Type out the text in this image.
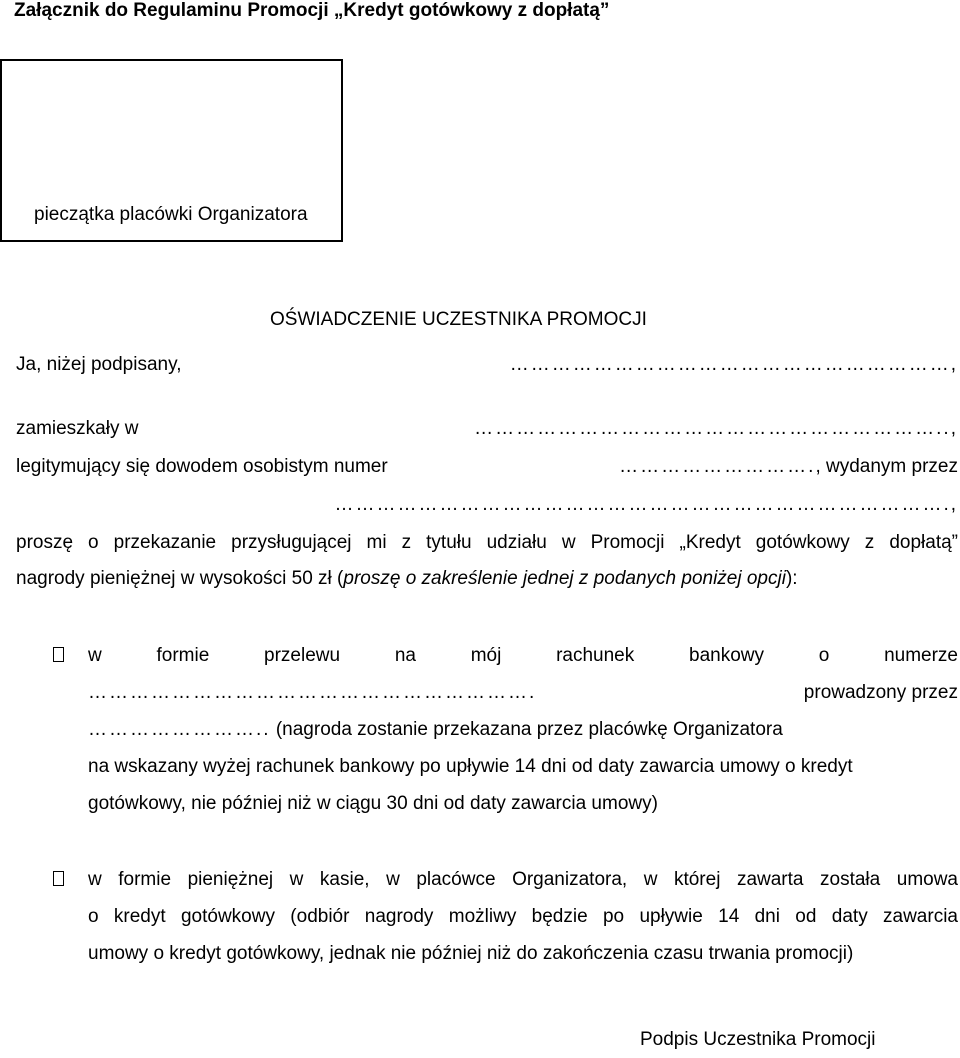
Załącznik do Regulaminu Promocji „Kredyt gotówkowy z dopłatą”
pieczątka placówki Organizatora
OŚWIADCZENIE UCZESTNIKA PROMOCJI
Ja, niżej podpisany,	………………………………………………………,
zamieszkały w	…………………………………………………………..,
legitymujący się dowodem osobistym numer	………………………. , wydanym przez
…………………………………………………………………………….,
proszę o przekazanie przysługującej mi z tytułu udziału w Promocji „Kredyt gotówkowy z dopłatą”
nagrody pieniężnej w wysokości 50 zł (proszę o zakreślenie jednej z podanych poniżej opcji):
w formie przelewu na mój rachunek bankowy o numerze
……………………………………………………….	prowadzony przez
…………………….. (nagroda zostanie przekazana przez placówkę Organizatora
na wskazany wyżej rachunek bankowy po upływie 14 dni od daty zawarcia umowy o kredyt
gotówkowy, nie później niż w ciągu 30 dni od daty zawarcia umowy)
w formie pieniężnej w kasie, w placówce Organizatora, w której zawarta została umowa
o kredyt gotówkowy (odbiór nagrody możliwy będzie po upływie 14 dni od daty zawarcia
umowy o kredyt gotówkowy, jednak nie później niż do zakończenia czasu trwania promocji)
Podpis Uczestnika Promocji
